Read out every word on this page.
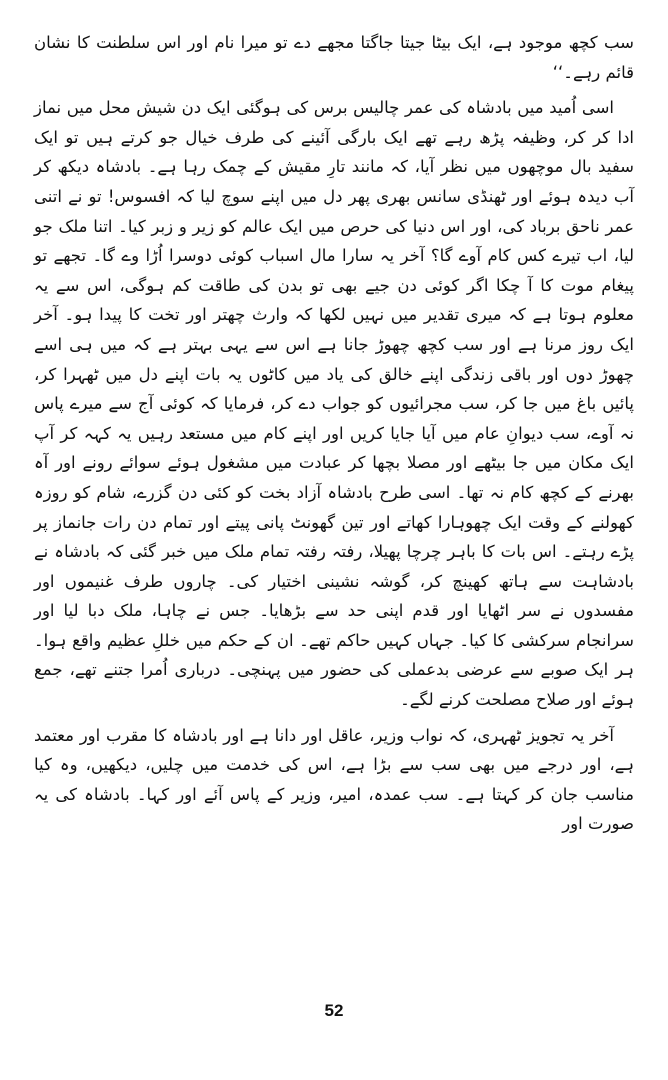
سب کچھ موجود ہے، ایک بیٹا جیتا جاگتا مجھے دے تو میرا نام اور اس سلطنت کا نشان قائم رہے۔‘‘

اسی اُمید میں بادشاہ کی عمر چالیس برس کی ہوگئی ایک دن شیش محل میں نماز ادا کر کر، وظیفہ پڑھ رہے تھے ایک بارگی آئینے کی طرف خیال جو کرتے ہیں تو ایک سفید بال موچھوں میں نظر آیا، کہ مانند تارِ مقیش کے چمک رہا ہے۔ بادشاہ دیکھ کر آب دیدہ ہوئے اور ٹھنڈی سانس بھری پھر دل میں اپنے سوچ لیا کہ افسوس! تو نے اتنی عمر ناحق برباد کی، اور اس دنیا کی حرص میں ایک عالم کو زیر و زبر کیا۔ اتنا ملک جو لیا، اب تیرے کس کام آوے گا؟ آخر یہ سارا مال اسباب کوئی دوسرا اُڑا وے گا۔ تجھے تو پیغام موت کا آ چکا اگر کوئی دن جیے بھی تو بدن کی طاقت کم ہوگی، اس سے یہ معلوم ہوتا ہے کہ میری تقدیر میں نہیں لکھا کہ وارث چھتر اور تخت کا پیدا ہو۔ آخر ایک روز مرنا ہے اور سب کچھ چھوڑ جانا ہے اس سے یہی بہتر ہے کہ میں ہی اسے چھوڑ دوں اور باقی زندگی اپنے خالق کی یاد میں کاٹوں یہ بات اپنے دل میں ٹھہرا کر، پائیں باغ میں جا کر، سب مجرائیوں کو جواب دے کر، فرمایا کہ کوئی آج سے میرے پاس نہ آوے، سب دیوانِ عام میں آیا جایا کریں اور اپنے کام میں مستعد رہیں یہ کہہ کر آپ ایک مکان میں جا بیٹھے اور مصلا بچھا کر عبادت میں مشغول ہوئے سوائے رونے اور آہ بھرنے کے کچھ کام نہ تھا۔ اسی طرح بادشاہ آزاد بخت کو کئی دن گزرے، شام کو روزہ کھولنے کے وقت ایک چھوہارا کھاتے اور تین گھونٹ پانی پیتے اور تمام دن رات جانماز پر پڑے رہتے۔ اس بات کا باہر چرچا پھیلا، رفتہ رفتہ تمام ملک میں خبر گئی کہ بادشاہ نے بادشاہت سے ہاتھ کھینچ کر، گوشہ نشینی اختیار کی۔ چاروں طرف غنیموں اور مفسدوں نے سر اٹھایا اور قدم اپنی حد سے بڑھایا۔ جس نے چاہا، ملک دبا لیا اور سرانجام سرکشی کا کیا۔ جہاں کہیں حاکم تھے۔ ان کے حکم میں خللِ عظیم واقع ہوا۔ ہر ایک صوبے سے عرضی بدعملی کی حضور میں پہنچی۔ درباری اُمرا جتنے تھے، جمع ہوئے اور صلاح مصلحت کرنے لگے۔

آخر یہ تجویز ٹھہری، کہ نواب وزیر، عاقل اور دانا ہے اور بادشاہ کا مقرب اور معتمد ہے، اور درجے میں بھی سب سے بڑا ہے، اس کی خدمت میں چلیں، دیکھیں، وہ کیا مناسب جان کر کہتا ہے۔ سب عمدہ، امیر، وزیر کے پاس آئے اور کہا۔ بادشاہ کی یہ صورت اور

52
